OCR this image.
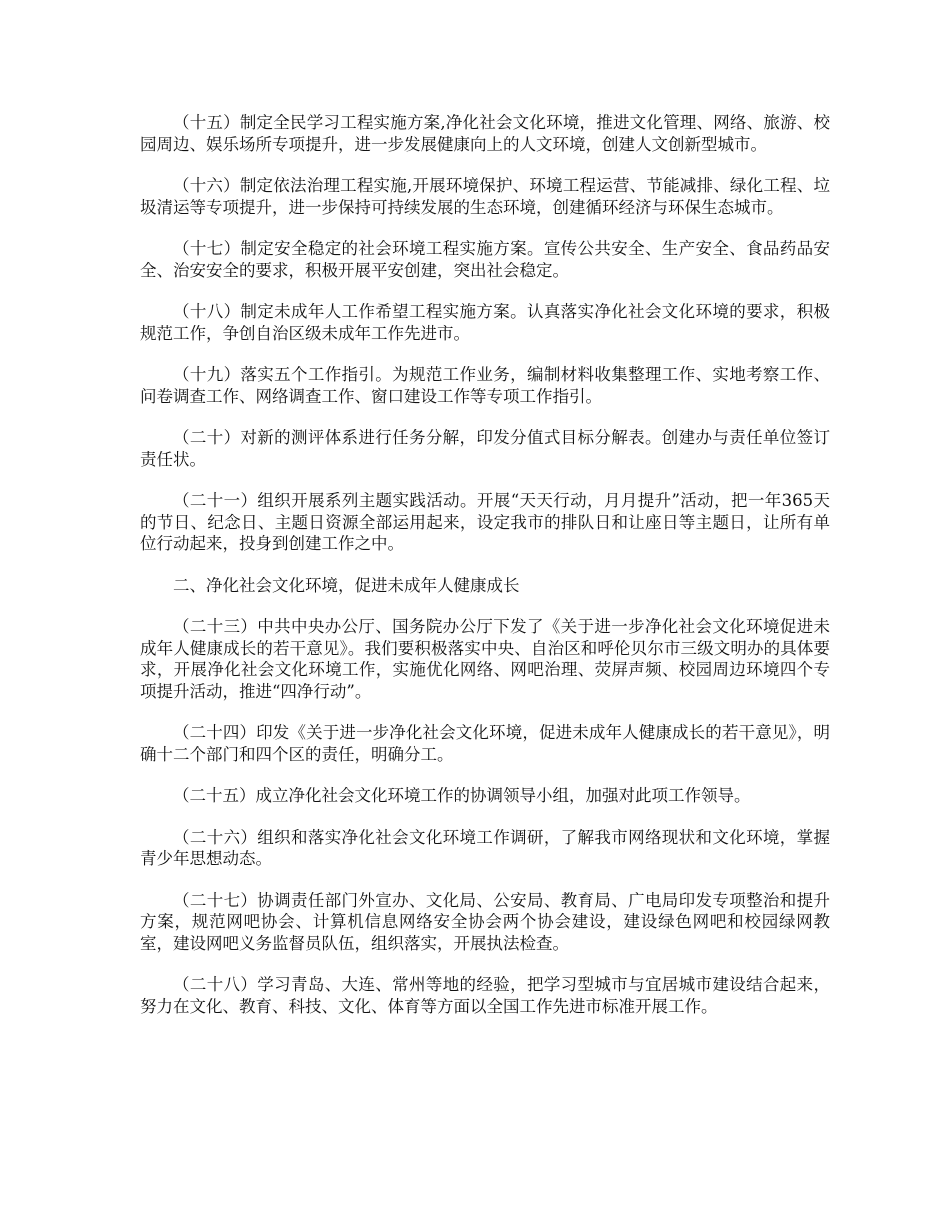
（十五）制定全民学习工程实施方案,净化社会文化环境，推进文化管理、网络、旅游、校园周边、娱乐场所专项提升，进一步发展健康向上的人文环境，创建人文创新型城市。

（十六）制定依法治理工程实施,开展环境保护、环境工程运营、节能减排、绿化工程、垃圾清运等专项提升，进一步保持可持续发展的生态环境，创建循环经济与环保生态城市。

（十七）制定安全稳定的社会环境工程实施方案。宣传公共安全、生产安全、食品药品安全、治安安全的要求，积极开展平安创建，突出社会稳定。

（十八）制定未成年人工作希望工程实施方案。认真落实净化社会文化环境的要求，积极规范工作，争创自治区级未成年工作先进市。

（十九）落实五个工作指引。为规范工作业务，编制材料收集整理工作、实地考察工作、问卷调查工作、网络调查工作、窗口建设工作等专项工作指引。

（二十）对新的测评体系进行任务分解，印发分值式目标分解表。创建办与责任单位签订责任状。

（二十一）组织开展系列主题实践活动。开展“天天行动，月月提升”活动，把一年365天的节日、纪念日、主题日资源全部运用起来，设定我市的排队日和让座日等主题日，让所有单位行动起来，投身到创建工作之中。

二、净化社会文化环境，促进未成年人健康成长

（二十三）中共中央办公厅、国务院办公厅下发了《关于进一步净化社会文化环境促进未成年人健康成长的若干意见》。我们要积极落实中央、自治区和呼伦贝尔市三级文明办的具体要求，开展净化社会文化环境工作，实施优化网络、网吧治理、荧屏声频、校园周边环境四个专项提升活动，推进“四净行动”。

（二十四）印发《关于进一步净化社会文化环境，促进未成年人健康成长的若干意见》，明确十二个部门和四个区的责任，明确分工。

（二十五）成立净化社会文化环境工作的协调领导小组，加强对此项工作领导。

（二十六）组织和落实净化社会文化环境工作调研，了解我市网络现状和文化环境，掌握青少年思想动态。

（二十七）协调责任部门外宣办、文化局、公安局、教育局、广电局印发专项整治和提升方案，规范网吧协会、计算机信息网络安全协会两个协会建设，建设绿色网吧和校园绿网教室，建设网吧义务监督员队伍，组织落实，开展执法检查。

（二十八）学习青岛、大连、常州等地的经验，把学习型城市与宜居城市建设结合起来，努力在文化、教育、科技、文化、体育等方面以全国工作先进市标准开展工作。
